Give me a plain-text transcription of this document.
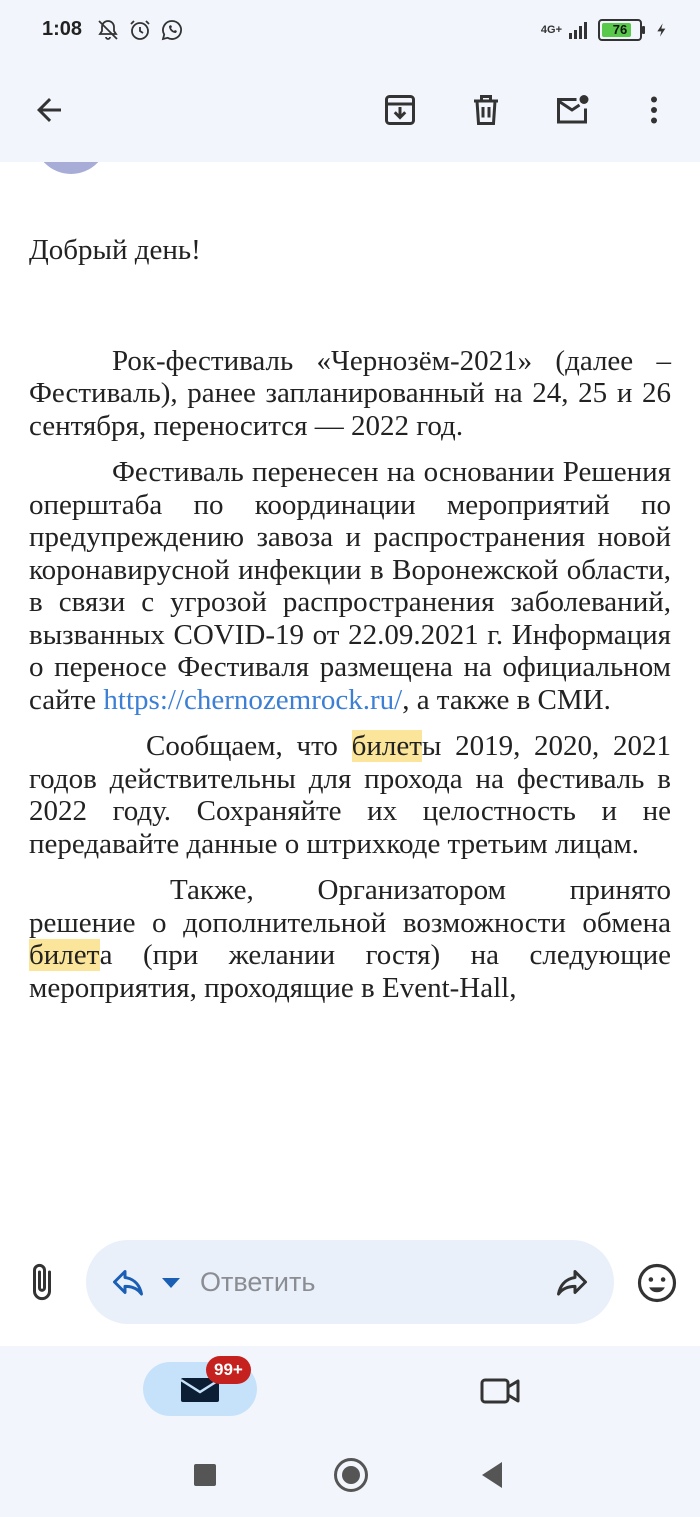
1:08	4G+	76

Добрый день!

Рок-фестиваль «Чернозём-2021» (далее – Фестиваль), ранее запланированный на 24, 25 и 26 сентября, переносится — 2022 год.

Фестиваль перенесен на основании Решения оперштаба по координации мероприятий по предупреждению завоза и распространения новой коронавирусной инфекции в Воронежской области, в связи с угрозой распространения заболеваний, вызванных COVID-19 от 22.09.2021 г. Информация о переносе Фестиваля размещена на официальном сайте https://chernozemrock.ru/, а также в СМИ.

Сообщаем, что билеты 2019, 2020, 2021 годов действительны для прохода на фестиваль в 2022 году. Сохраняйте их целостность и не передавайте данные о штрихкоде третьим лицам.

Также, Организатором принято решение о дополнительной возможности обмена билета (при желании гостя) на следующие мероприятия, проходящие в Event-Hall,

Ответить
99+
